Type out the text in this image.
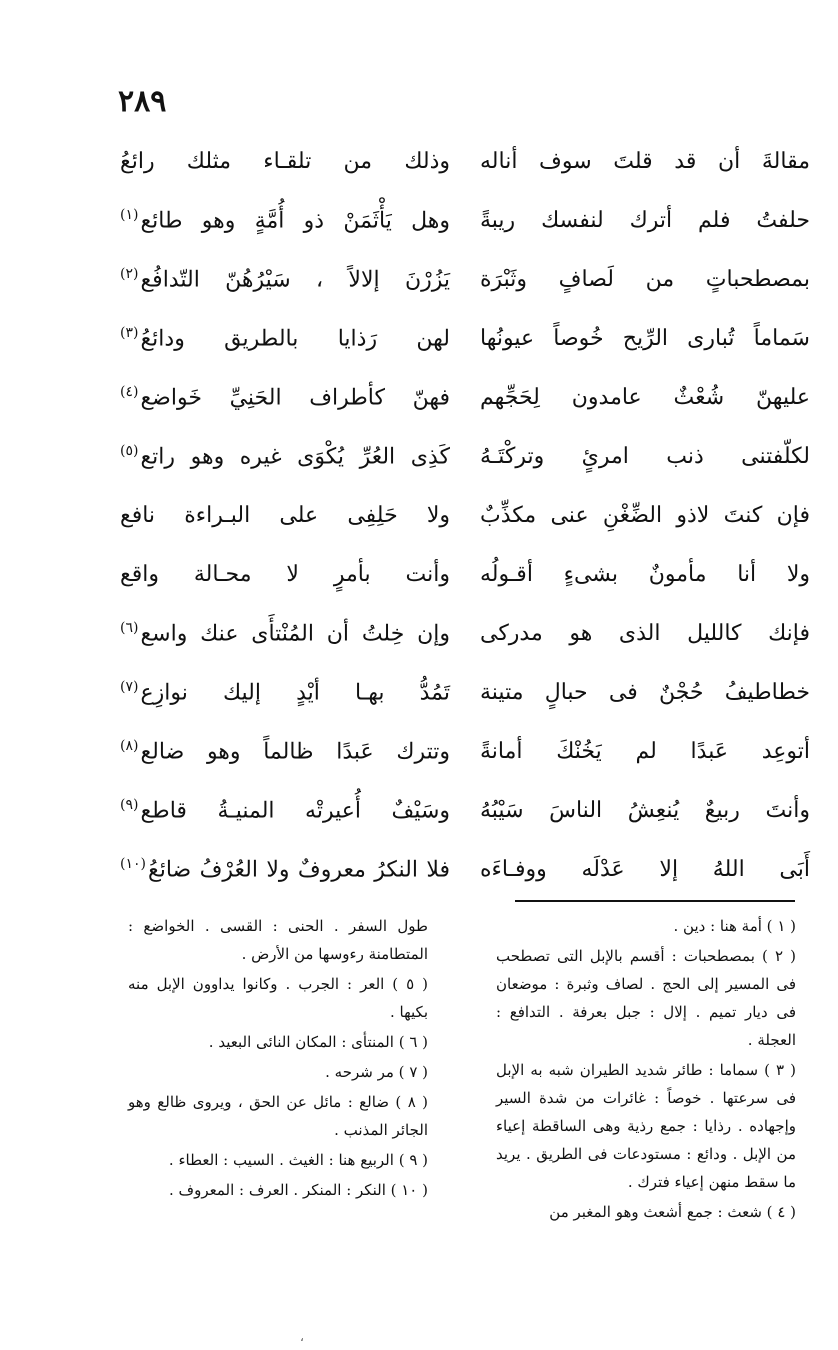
٢٨٩
مقالةَ أن قد قلتَ سوف أناله
وذلك من تلقـاء مثلك رائعُ
حلفتُ فلم أترك لنفسك ريبةً
وهل يَأْثَمَنْ ذو أُمَّةٍ وهو طائع$^{(١)}$
بمصطحباتٍ من لَصافٍ وثَبْرَة
يَزُرْنَ إلالاً ، سَيْرُهُنّ التّدافُع$^{(٢)}$
سَماماً تُبارى الرِّيح خُوصاً عيونُها
لهن رَذايا بالطريق ودائعُ$^{(٣)}$
عليهنّ شُعْثٌ عامدون لِحَجِّهم
فهنّ كأطراف الحَنِيِّ خَواضع$^{(٤)}$
لكلّفتنى ذنب امرئٍ وتركْتَـهُ
كَذِى العُرِّ يُكْوَى غيره وهو راتع$^{(٥)}$
فإن كنتَ لاذو الضِّغْنِ عنى مكذِّبٌ
ولا حَلِفِى على البـراءة نافع
ولا أنا مأمونٌ بشىءٍ أقـولُه
وأنت بأمرٍ لا محـالة واقع
فإنك كالليل الذى هو مدركى
وإن خِلتُ أن المُنْتأَى عنك واسع$^{(٦)}$
خطاطيفُ حُجْنٌ فى حبالٍ متينة
تَمُدُّ بهـا أيْدٍ إليك نوازِع$^{(٧)}$
أتوعِد عَبدًا لم يَخُنْكَ أمانةً
وتترك عَبدًا ظالماً وهو ضالع$^{(٨)}$
وأنتَ ربيعٌ يُنعِشُ الناسَ سَيْبُهُ
وسَيْفٌ أُعيرتْه المنيـةُ قاطع$^{(٩)}$
أَبَى اللهُ إلا عَدْلَه ووفـاءَه
فلا النكرُ معروفٌ ولا العُرْفُ ضائعُ$^{(١٠)}$

( ١ ) أمة هنا : دين .

( ٢ ) بمصطحبات : أقسم بالإبل التى تصطحب فى المسير إلى الحج . لصاف وثبرة : موضعان فى ديار تميم . إلال : جبل بعرفة . التدافع : العجلة .

( ٣ ) سماما : طائر شديد الطيران شبه به الإبل فى سرعتها . خوصاً : غائرات من شدة السير وإجهاده . رذايا : جمع رذية وهى الساقطة إعياء من الإبل . ودائع : مستودعات فى الطريق . يريد ما سقط منهن إعياء فترك .

( ٤ ) شعث : جمع أشعث وهو المغبر من

طول السفر . الحنى : القسى . الخواضع : المتطامنة رءوسها من الأرض .

( ٥ ) العر : الجرب . وكانوا يداوون الإبل منه بكيها .

( ٦ ) المنتأى : المكان النائى البعيد .

( ٧ ) مر شرحه .

( ٨ ) ضالع : مائل عن الحق ، ويروى ظالع وهو الجائر المذنب .

( ٩ ) الربيع هنا : الغيث . السيب : العطاء .

( ١٠ ) النكر : المنكر . العرف : المعروف .

،
